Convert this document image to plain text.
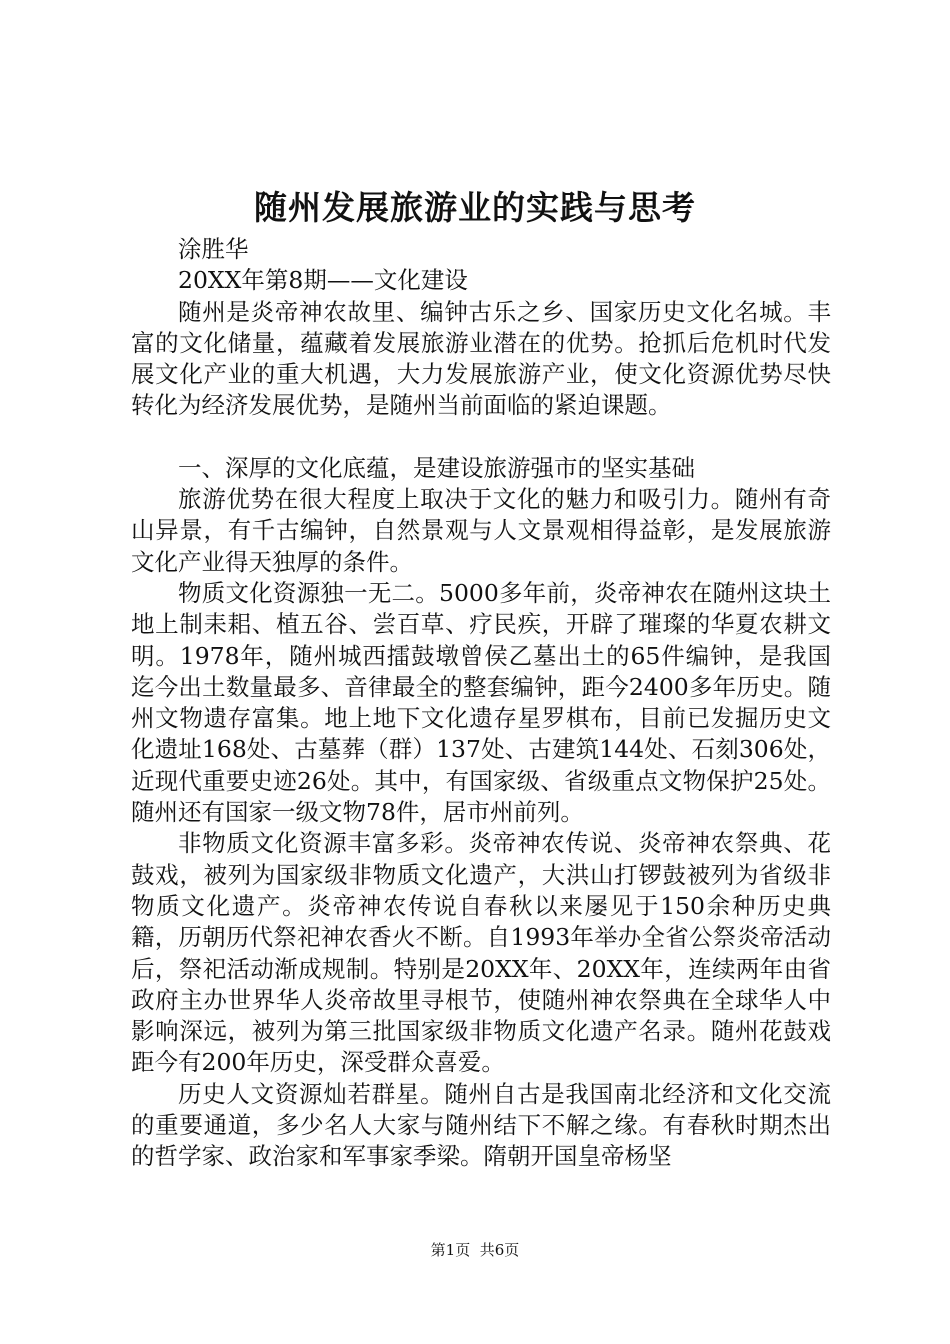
随州发展旅游业的实践与思考

涂胜华

20XX年第8期——文化建设

随州是炎帝神农故里、编钟古乐之乡、国家历史文化名城。丰富的文化储量，蕴藏着发展旅游业潜在的优势。抢抓后危机时代发展文化产业的重大机遇，大力发展旅游产业，使文化资源优势尽快转化为经济发展优势，是随州当前面临的紧迫课题。

一、深厚的文化底蕴，是建设旅游强市的坚实基础

旅游优势在很大程度上取决于文化的魅力和吸引力。随州有奇山异景，有千古编钟，自然景观与人文景观相得益彰，是发展旅游文化产业得天独厚的条件。

物质文化资源独一无二。5000多年前，炎帝神农在随州这块土地上制耒耜、植五谷、尝百草、疗民疾，开辟了璀璨的华夏农耕文明。1978年，随州城西擂鼓墩曾侯乙墓出土的65件编钟，是我国迄今出土数量最多、音律最全的整套编钟，距今2400多年历史。随州文物遗存富集。地上地下文化遗存星罗棋布，目前已发掘历史文化遗址168处、古墓葬（群）137处、古建筑144处、石刻306处，近现代重要史迹26处。其中，有国家级、省级重点文物保护25处。随州还有国家一级文物78件，居市州前列。

非物质文化资源丰富多彩。炎帝神农传说、炎帝神农祭典、花鼓戏，被列为国家级非物质文化遗产，大洪山打锣鼓被列为省级非物质文化遗产。炎帝神农传说自春秋以来屡见于150余种历史典籍，历朝历代祭祀神农香火不断。自1993年举办全省公祭炎帝活动后，祭祀活动渐成规制。特别是20XX年、20XX年，连续两年由省政府主办世界华人炎帝故里寻根节，使随州神农祭典在全球华人中影响深远，被列为第三批国家级非物质文化遗产名录。随州花鼓戏距今有200年历史，深受群众喜爱。

历史人文资源灿若群星。随州自古是我国南北经济和文化交流的重要通道，多少名人大家与随州结下不解之缘。有春秋时期杰出的哲学家、政治家和军事家季梁。隋朝开国皇帝杨坚

第1页 共6页
